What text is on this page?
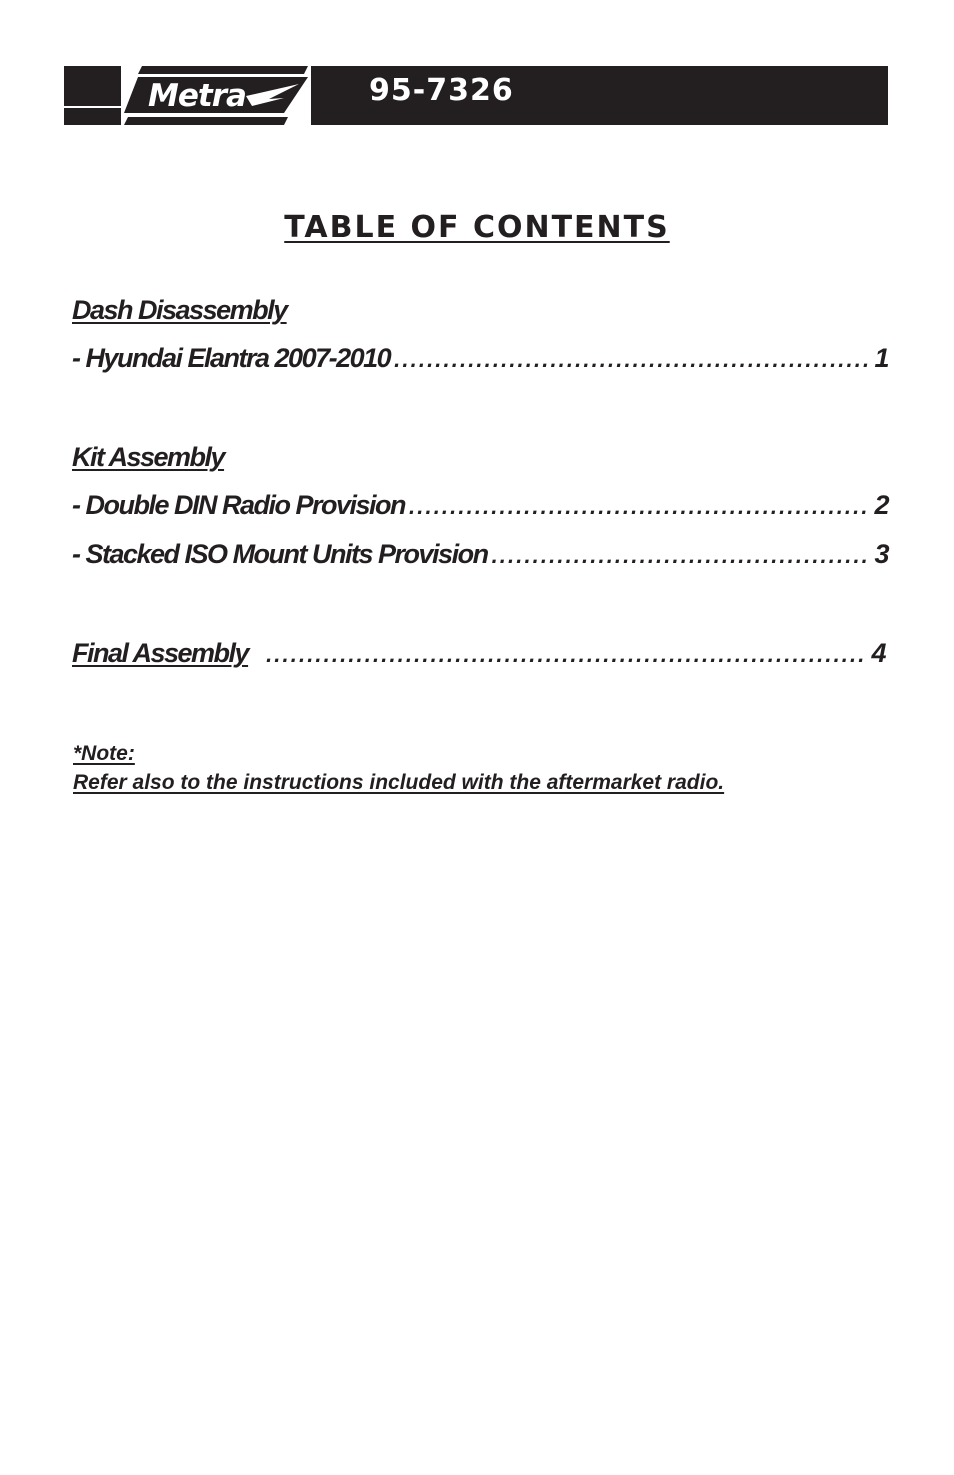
Metra	95-7326
TABLE OF CONTENTS
Dash Disassembly
- Hyundai Elantra 2007-2010 . . .	1
Kit Assembly
- Double DIN Radio Provision . . .	2
- Stacked ISO Mount Units Provision . . .	3
Final Assembly . . .	4
*Note:
Refer also to the instructions included with the aftermarket radio.
